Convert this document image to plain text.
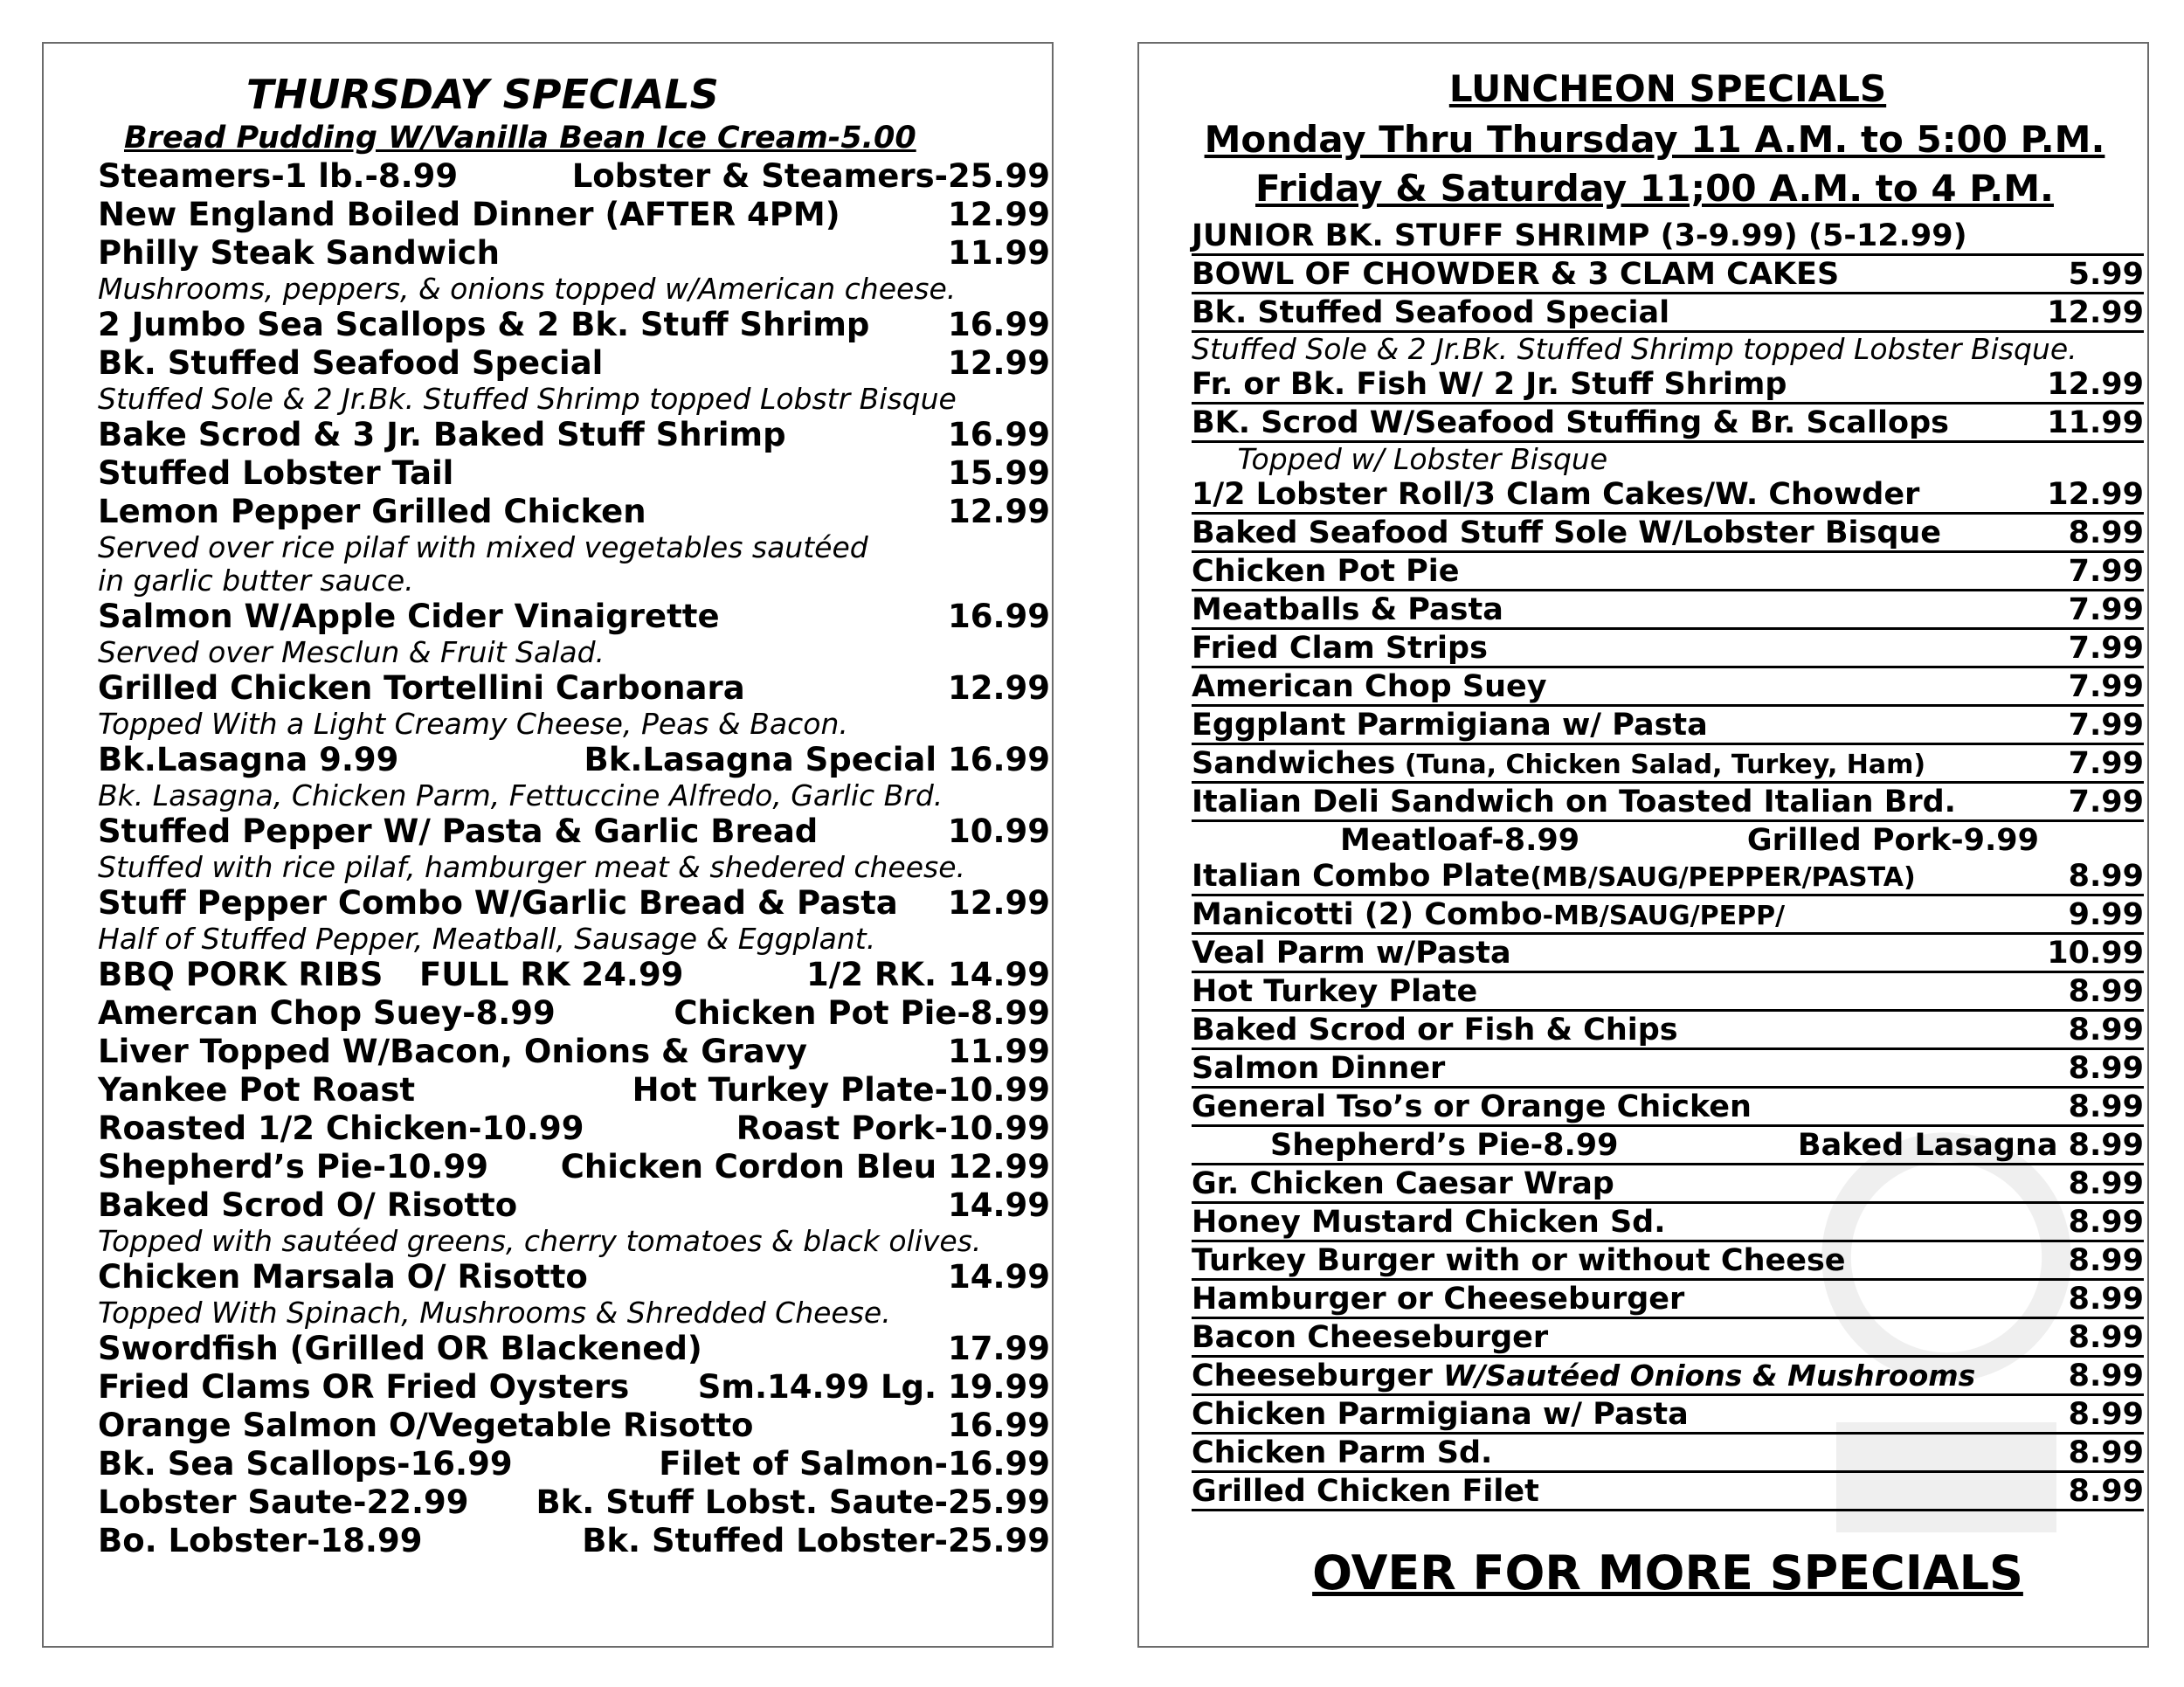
THURSDAY SPECIALS
Bread Pudding W/Vanilla Bean Ice Cream-5.00
Steamers-1 lb.-8.99	Lobster & Steamers-25.99
New England Boiled Dinner (AFTER 4PM)	12.99
Philly Steak Sandwich	11.99
Mushrooms, peppers, & onions topped w/American cheese.
2 Jumbo Sea Scallops & 2 Bk. Stuff Shrimp 16.99
Bk. Stuffed Seafood Special	12.99
Stuffed Sole & 2 Jr.Bk. Stuffed Shrimp topped Lobstr Bisque
Bake Scrod & 3 Jr. Baked Stuff Shrimp	16.99
Stuffed Lobster Tail	15.99
Lemon Pepper Grilled Chicken	12.99
Served over rice pilaf with mixed vegetables sautéed
in garlic butter sauce.
Salmon W/Apple Cider Vinaigrette	16.99
Served over Mesclun & Fruit Salad.
Grilled Chicken Tortellini Carbonara	12.99
Topped With a Light Creamy Cheese, Peas & Bacon.
Bk.Lasagna 9.99	Bk.Lasagna Special 16.99
Bk. Lasagna, Chicken Parm, Fettuccine Alfredo, Garlic Brd.
Stuffed Pepper W/ Pasta & Garlic Bread	10.99
Stuffed with rice pilaf, hamburger meat & shedered cheese.
Stuff Pepper Combo W/Garlic Bread & Pasta 12.99
Half of Stuffed Pepper, Meatball, Sausage & Eggplant.
BBQ PORK RIBS FULL RK 24.99	1/2 RK. 14.99
Amercan Chop Suey-8.99	Chicken Pot Pie-8.99
Liver Topped W/Bacon, Onions & Gravy	11.99
Yankee Pot Roast	Hot Turkey Plate-10.99
Roasted 1/2 Chicken-10.99	Roast Pork-10.99
Shepherd’s Pie-10.99 Chicken Cordon Bleu 12.99
Baked Scrod O/ Risotto	14.99
Topped with sautéed greens, cherry tomatoes & black olives.
Chicken Marsala O/ Risotto	14.99
Topped With Spinach, Mushrooms & Shredded Cheese.
Swordfish (Grilled OR Blackened)	17.99
Fried Clams OR Fried Oysters Sm.14.99 Lg. 19.99
Orange Salmon O/Vegetable Risotto	16.99
Bk. Sea Scallops-16.99	Filet of Salmon-16.99
Lobster Saute-22.99 Bk. Stuff Lobst. Saute-25.99
Bo. Lobster-18.99	Bk. Stuffed Lobster-25.99
LUNCHEON SPECIALS
Monday Thru Thursday 11 A.M. to 5:00 P.M.
Friday & Saturday 11;00 A.M. to 4 P.M.
JUNIOR BK. STUFF SHRIMP (3-9.99) (5-12.99)
BOWL OF CHOWDER & 3 CLAM CAKES	5.99
Bk. Stuffed Seafood Special	12.99
Stuffed Sole & 2 Jr.Bk. Stuffed Shrimp topped Lobster Bisque.
Fr. or Bk. Fish W/ 2 Jr. Stuff Shrimp	12.99
BK. Scrod W/Seafood Stuffing & Br. Scallops	11.99
Topped w/ Lobster Bisque
1/2 Lobster Roll/3 Clam Cakes/W. Chowder	12.99
Baked Seafood Stuff Sole W/Lobster Bisque	8.99
Chicken Pot Pie	7.99
Meatballs & Pasta	7.99
Fried Clam Strips	7.99
American Chop Suey	7.99
Eggplant Parmigiana w/ Pasta	7.99
Sandwiches (Tuna, Chicken Salad, Turkey, Ham)	7.99
Italian Deli Sandwich on Toasted Italian Brd.	7.99
Meatloaf-8.99	Grilled Pork-9.99
Italian Combo Plate(MB/SAUG/PEPPER/PASTA)	8.99
Manicotti (2) Combo-MB/SAUG/PEPP/	9.99
Veal Parm w/Pasta	10.99
Hot Turkey Plate	8.99
Baked Scrod or Fish & Chips	8.99
Salmon Dinner	8.99
General Tso’s or Orange Chicken	8.99
Shepherd’s Pie-8.99	Baked Lasagna 8.99
Gr. Chicken Caesar Wrap	8.99
Honey Mustard Chicken Sd.	8.99
Turkey Burger with or without Cheese	8.99
Hamburger or Cheeseburger	8.99
Bacon Cheeseburger	8.99
Cheeseburger W/Sautéed Onions & Mushrooms	8.99
Chicken Parmigiana w/ Pasta	8.99
Chicken Parm Sd.	8.99
Grilled Chicken Filet	8.99
OVER FOR MORE SPECIALS
